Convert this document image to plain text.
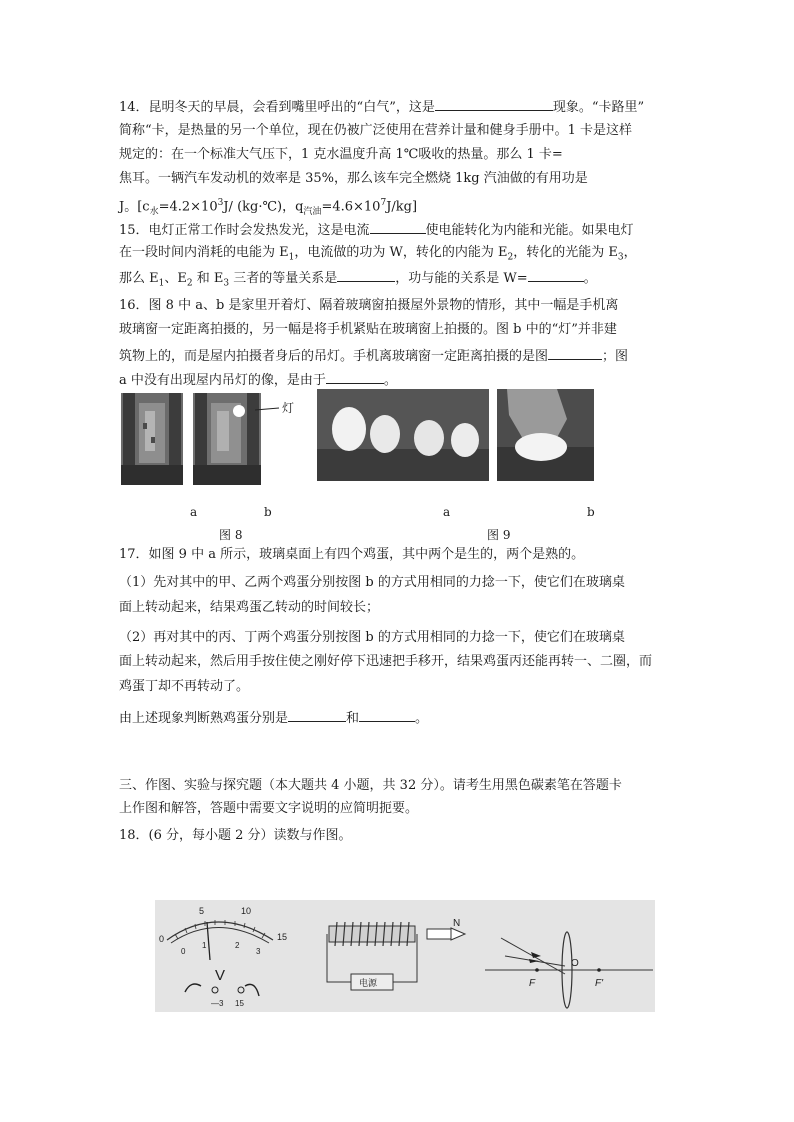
14．昆明冬天的早晨，会看到嘴里呼出的“白气”，这是	现象。“卡路里”
简称“卡，是热量的另一个单位，现在仍被广泛使用在营养计量和健身手册中。1 卡是这样
规定的：在一个标准大气压下，1 克水温度升高 1℃吸收的热量。那么 1 卡=
焦耳。一辆汽车发动机的效率是 35%，那么该车完全燃烧 1kg 汽油做的有用功是
J。[$c_水=4.2\times 10^3J/$ (kg·℃)，$q_{汽油}=4.6\times 10^7J/kg$]
15．电灯正常工作时会发热发光，这是电流	使电能转化为内能和光能。如果电灯
在一段时间内消耗的电能为 $E_1$，电流做的功为 W，转化的内能为 $E_2$，转化的光能为 $E_3$，
那么 $E_1$、$E_2$ 和 $E_3$ 三者的等量关系是	，功与能的关系是 W=	。
16．图 8 中 a、b 是家里开着灯、隔着玻璃窗拍摄屋外景物的情形，其中一幅是手机离
玻璃窗一定距离拍摄的，另一幅是将手机紧贴在玻璃窗上拍摄的。图 b 中的“灯”并非建
筑物上的，而是屋内拍摄者身后的吊灯。手机离玻璃窗一定距离拍摄的是图	；图
a 中没有出现屋内吊灯的像，是由于	。
灯
a	b	a	b
图 8	图 9
17．如图 9 中 a 所示，玻璃桌面上有四个鸡蛋，其中两个是生的，两个是熟的。
（1）先对其中的甲、乙两个鸡蛋分别按图 b 的方式用相同的力捻一下，使它们在玻璃桌
面上转动起来，结果鸡蛋乙转动的时间较长；
（2）再对其中的丙、丁两个鸡蛋分别按图 b 的方式用相同的力捻一下，使它们在玻璃桌
面上转动起来，然后用手按住使之刚好停下迅速把手移开，结果鸡蛋丙还能再转一、二圈，而
鸡蛋丁却不再转动了。
由上述现象判断熟鸡蛋分别是	和	。
三、作图、实验与探究题（本大题共 4 小题，共 32 分）。请考生用黑色碳素笔在答题卡
上作图和解答，答题中需要文字说明的应简明扼要。
18．(6 分，每小题 2 分）读数与作图。
0
5	10
15
0
1	2
3
V
— 3 15
电源
N
F
O
F'
